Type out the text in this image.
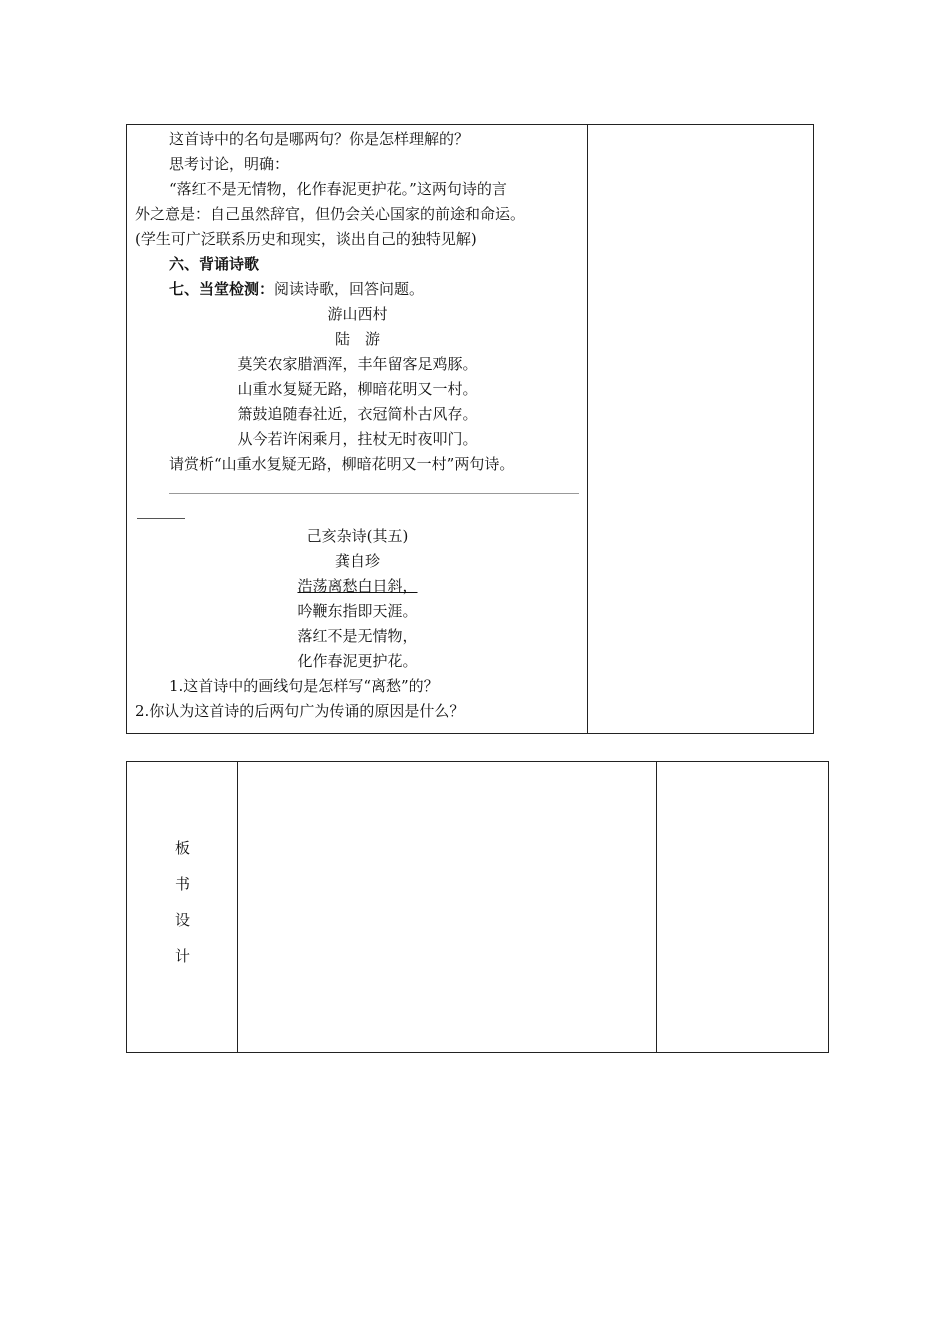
这首诗中的名句是哪两句？你是怎样理解的？
思考讨论，明确：
“落红不是无情物，化作春泥更护花。”这两句诗的言
外之意是：自己虽然辞官，但仍会关心国家的前途和命运。
(学生可广泛联系历史和现实，谈出自己的独特见解)
六、背诵诗歌
七、当堂检测：阅读诗歌，回答问题。
游山西村
陆　游
莫笑农家腊酒浑，丰年留客足鸡豚。
山重水复疑无路，柳暗花明又一村。
箫鼓追随春社近，衣冠简朴古风存。
从今若许闲乘月，拄杖无时夜叩门。
请赏析“山重水复疑无路，柳暗花明又一村”两句诗。
己亥杂诗(其五)
龚自珍
浩荡离愁白日斜，
吟鞭东指即天涯。
落红不是无情物，
化作春泥更护花。
1.这首诗中的画线句是怎样写“离愁”的？
2.你认为这首诗的后两句广为传诵的原因是什么？
板
书
设
计
